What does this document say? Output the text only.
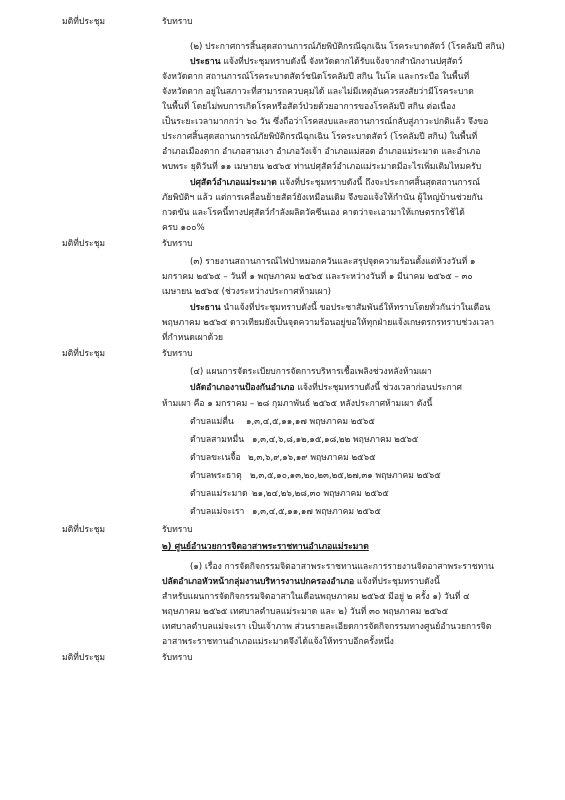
มติที่ประชุม	รับทราบ
(๒) ประกาศการสิ้นสุดสถานการณ์ภัยพิบัติกรณีฉุกเฉิน โรคระบาดสัตว์ (โรคลัมปี สกิน)
ประธาน แจ้งที่ประชุมทราบดังนี้ จังหวัดตากได้รับแจ้งจากสำนักงานปศุสัตว์
จังหวัดตาก สถานการณ์โรคระบาดสัตว์ชนิดโรคลัมปี สกิน ในโค และกระบือ ในพื้นที่
จังหวัดตาก อยู่ในสภาวะที่สามารถควบคุมได้ และไม่มีเหตุอันควรสงสัยว่ามีโรคระบาด
ในพื้นที่ โดยไม่พบการเกิดโรคหรือสัตว์ป่วยด้วยอาการของโรคลัมปี สกิน ต่อเนื่อง
เป็นระยะเวลามากกว่า ๖๐ วัน ซึ่งถือว่าโรคสงบและสถานการณ์กลับสู่ภาวะปกติแล้ว จึงขอ
ประกาศสิ้นสุดสถานการณ์ภัยพิบัติกรณีฉุกเฉิน โรคระบาดสัตว์ (โรคลัมปี สกิน) ในพื้นที่
อำเภอเมืองตาก อำเภอสามเงา อำเภอวังเจ้า อำเภอแม่สอด อำเภอแม่ระมาด และอำเภอ
พบพระ ยุติวันที่ ๑๑ เมษายน ๒๕๖๕ ท่านปศุสัตว์อำเภอแม่ระมาดมีอะไรเพิ่มเติมไหมครับ
ปศุสัตว์อำเภอแม่ระมาด แจ้งที่ประชุมทราบดังนี้ ถึงจะประกาศสิ้นสุดสถานการณ์
ภัยพิบัติฯ แล้ว แต่การเคลื่อนย้ายสัตว์ยังเหมือนเดิม จึงขอแจ้งให้กำนัน ผู้ใหญ่บ้านช่วยกัน
กวดขัน และโรคนี้ทางปศุสัตว์กำลังผลิตวัคซีนเอง คาดว่าจะเอามาให้เกษตรกรใช้ได้
ครบ ๑๐๐%
มติที่ประชุม	รับทราบ
(๓) รายงานสถานการณ์ไฟป่าหมอกควันและสรุปจุดความร้อนตั้งแต่ห้วงวันที่ ๑
มกราคม ๒๕๖๕ – วันที่ ๑ พฤษภาคม ๒๕๖๕ และระหว่างวันที่ ๑ มีนาคม ๒๕๖๕ – ๓๐
เมษายน ๒๕๖๕ (ช่วงระหว่างประกาศห้ามเผา)
ประธาน นำแจ้งที่ประชุมทราบดังนี้ ขอประชาสัมพันธ์ให้ทราบโดยทั่วกันว่าในเดือน
พฤษภาคม ๒๕๖๕ ดาวเทียมยังเป็นจุดความร้อนอยู่ขอให้ทุกฝ่ายแจ้งเกษตรกรทราบช่วงเวลา
ที่กำหนดเผาด้วย
มติที่ประชุม	รับทราบ
(๔) แผนการจัดระเบียบการจัดการบริหารเชื้อเพลิงช่วงหลังห้ามเผา
ปลัดอำเภองานป้องกันอำเภอ แจ้งที่ประชุมทราบดังนี้ ช่วงเวลาก่อนประกาศ
ห้ามเผา คือ ๑ มกราคม – ๒๘ กุมภาพันธ์ ๒๕๖๕ หลังประกาศห้ามเผา ดังนี้
ตำบลแม่ตื่น ๑,๓,๔,๕,๑๑,๑๗ พฤษภาคม ๒๕๖๕
ตำบลสามหมื่น ๑,๓,๔,๖,๘,๑๒,๑๕,๑๘,๒๒ พฤษภาคม ๒๕๖๕
ตำบลขะเนจื้อ ๒,๓,๖,๙,๑๖,๑๙ พฤษภาคม ๒๕๖๕
ตำบลพระธาตุ ๒,๓,๕,๑๐,๑๓,๒๐,๒๓,๒๕,๒๗,๓๑ พฤษภาคม ๒๕๖๕
ตำบลแม่ระมาด ๒๑,๒๔,๒๖,๒๘,๓๐ พฤษภาคม ๒๕๖๕
ตำบลแม่จะเรา ๑,๓,๔,๕,๑๑,๑๗ พฤษภาคม ๒๕๖๕
มติที่ประชุม	รับทราบ
๒) ศูนย์อำนวยการจิตอาสาพระราชทานอำเภอแม่ระมาด
(๑) เรื่อง การจัดกิจกรรมจิตอาสาพระราชทานและการรายงานจิตอาสาพระราชทาน
ปลัดอำเภอหัวหน้ากลุ่มงานบริหารงานปกครองอำเภอ แจ้งที่ประชุมทราบดังนี้
สำหรับแผนการจัดกิจกรรมจิตอาสาในเดือนพฤษภาคม ๒๕๖๕ มีอยู่ ๒ ครั้ง ๑) วันที่ ๔
พฤษภาคม ๒๕๖๕ เทศบาลตำบลแม่ระมาด และ ๒) วันที่ ๓๐ พฤษภาคม ๒๕๖๕
เทศบาลตำบลแม่จะเรา เป็นเจ้าภาพ ส่วนรายละเอียดการจัดกิจกรรมทางศูนย์อำนวยการจิต
อาสาพระราชทานอำเภอแม่ระมาดจึงได้แจ้งให้ทราบอีกครั้งหนึ่ง
มติที่ประชุม	รับทราบ
